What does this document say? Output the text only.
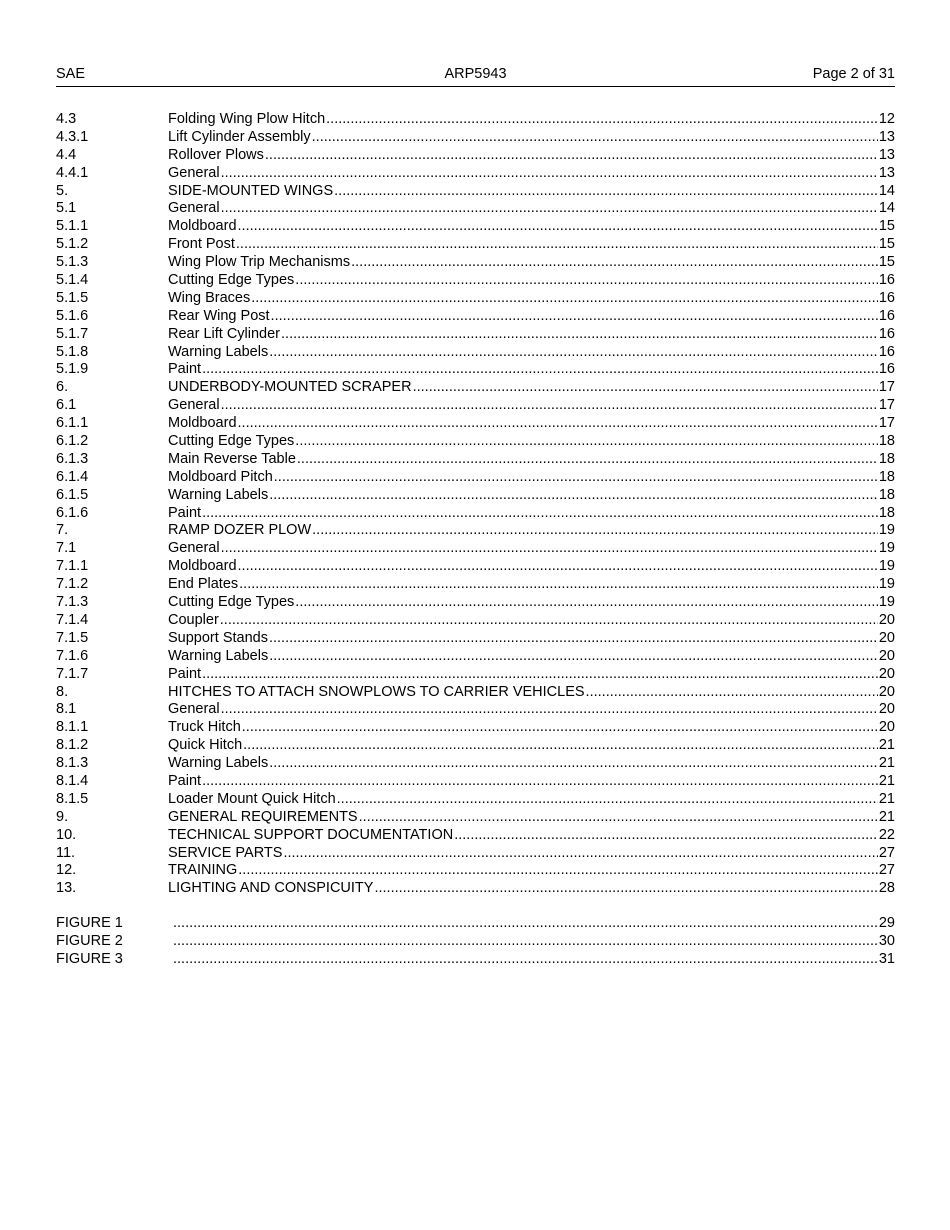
SAE	ARP5943	Page 2 of 31
4.3	Folding Wing Plow Hitch .....	12
4.3.1	Lift Cylinder Assembly .....	13
4.4	Rollover Plows .....	13
4.4.1	General .....	13
5.	SIDE-MOUNTED WINGS .....	14
5.1	General .....	14
5.1.1	Moldboard .....	15
5.1.2	Front Post .....	15
5.1.3	Wing Plow Trip Mechanisms .....	15
5.1.4	Cutting Edge Types .....	16
5.1.5	Wing Braces .....	16
5.1.6	Rear Wing Post .....	16
5.1.7	Rear Lift Cylinder .....	16
5.1.8	Warning Labels .....	16
5.1.9	Paint .....	16
6.	UNDERBODY-MOUNTED SCRAPER .....	17
6.1	General .....	17
6.1.1	Moldboard .....	17
6.1.2	Cutting Edge Types .....	18
6.1.3	Main Reverse Table .....	18
6.1.4	Moldboard Pitch .....	18
6.1.5	Warning Labels .....	18
6.1.6	Paint .....	18
7.	RAMP DOZER PLOW .....	19
7.1	General .....	19
7.1.1	Moldboard .....	19
7.1.2	End Plates .....	19
7.1.3	Cutting Edge Types .....	19
7.1.4	Coupler .....	20
7.1.5	Support Stands .....	20
7.1.6	Warning Labels .....	20
7.1.7	Paint .....	20
8.	HITCHES TO ATTACH SNOWPLOWS TO CARRIER VEHICLES .....	20
8.1	General .....	20
8.1.1	Truck Hitch .....	20
8.1.2	Quick Hitch .....	21
8.1.3	Warning Labels .....	21
8.1.4	Paint .....	21
8.1.5	Loader Mount Quick Hitch .....	21
9.	GENERAL REQUIREMENTS .....	21
10.	TECHNICAL SUPPORT DOCUMENTATION .....	22
11.	SERVICE PARTS .....	27
12.	TRAINING .....	27
13.	LIGHTING AND CONSPICUITY .....	28
FIGURE 1 .....	29
FIGURE 2 .....	30
FIGURE 3 .....	31
